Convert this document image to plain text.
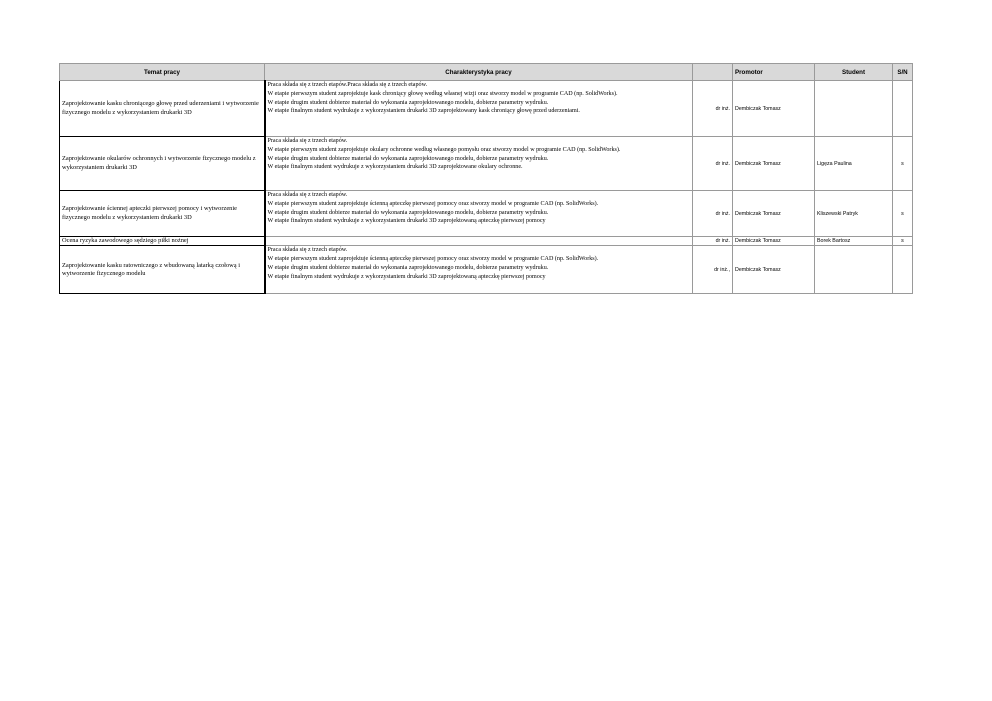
Temat pracy	Charakterystyka pracy		Promotor	Student	S/N
Zaprojektowanie kasku chroniącego głowę przed uderzeniami i wytworzenie fizycznego modelu z wykorzystaniem drukarki 3D	Praca składa się z trzech etapów.Praca składa się z trzech etapów.
W etapie pierwszym student zaprojektuje kask chroniący głowę według własnej wizji oraz stworzy model w programie CAD (np. SolidWorks).
W etapie drugim student dobierze materiał do wykonania zaprojektowanego modelu, dobierze parametry wydruku.
W etapie finalnym student wydrukuje z wykorzystaniem drukarki 3D zaprojektowany kask chroniący głowę przed uderzeniami.	dr inż.	Dembiczak Tomasz		
Zaprojektowanie okularów ochronnych i wytworzenie fizycznego modelu z wykorzystaniem drukarki 3D	Praca składa się z trzech etapów.
W etapie pierwszym student zaprojektuje okulary ochronne według własnego pomysłu oraz stworzy model w programie CAD (np. SolidWorks).
W etapie drugim student dobierze materiał do wykonania zaprojektowanego modelu, dobierze parametry wydruku.
W etapie finalnym student wydrukuje z wykorzystaniem drukarki 3D zaprojektowane okulary ochronne.	dr inż.	Dembiczak Tomasz	Ligęza Paulina	s
Zaprojektowanie ściennej apteczki pierwszej pomocy i wytworzenie fizycznego modelu z wykorzystaniem drukarki 3D	Praca składa się z trzech etapów.
W etapie pierwszym student zaprojektuje ścienną apteczkę pierwszej pomocy oraz stworzy model w programie CAD (np. SolidWorks).
W etapie drugim student dobierze materiał do wykonania zaprojektowanego modelu, dobierze parametry wydruku.
W etapie finalnym student wydrukuje z wykorzystaniem drukarki 3D zaprojektowaną apteczkę pierwszej pomocy	dr inż.	Dembiczak Tomasz	Kliszewski Patryk	s
Ocena ryzyka zawodowego sędziego piłki nożnej		dr inż.	Dembiczak Tomasz	Borek Bartosz	s
Zaprojektowanie kasku ratowniczego z wbudowaną latarką czołową i wytworzenie fizycznego modelu	Praca składa się z trzech etapów.
W etapie pierwszym student zaprojektuje ścienną apteczkę pierwszej pomocy oraz stworzy model w programie CAD (np. SolidWorks).
W etapie drugim student dobierze materiał do wykonania zaprojektowanego modelu, dobierze parametry wydruku.
W etapie finalnym student wydrukuje z wykorzystaniem drukarki 3D zaprojektowaną apteczkę pierwszej pomocy	dr inż.,	Dembiczak Tomasz		
